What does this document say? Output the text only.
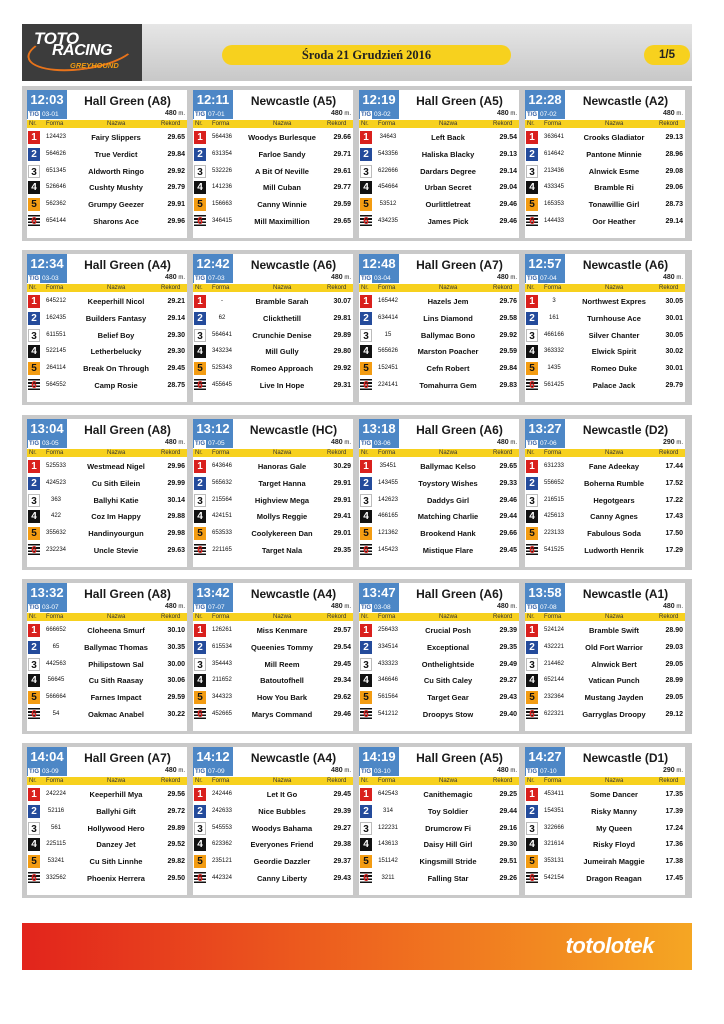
TOTO
RACING
GREYHOUND
Środa 21 Grudzień 2016	1/5
12:03
T/G 03-01
Hall Green (A8)
480 m.
Nr. Forma	Nazwa	Rekord
1	124423	Fairy Slippers	29.65
2	564626	True Verdict	29.84
3	651345	Aldworth Ringo	29.92
4	526646	Cushty Mushty	29.79
5	562362	Grumpy Geezer	29.91
6	654144	Sharons Ace	29.96
12:11
T/G 07-01
Newcastle (A5)
480 m.
Nr. Forma	Nazwa	Rekord
1	564436	Woodys Burlesque	29.66
2	631354	Farloe Sandy	29.71
3	532226	A Bit Of Neville	29.61
4	141236	Mill Cuban	29.77
5	156663	Canny Winnie	29.59
6	346415	Mill Maximillion	29.65
12:19
T/G 03-02
Hall Green (A5)
480 m.
Nr. Forma	Nazwa	Rekord
1	34643	Left Back	29.54
2	543356	Haliska Blacky	29.13
3	622666	Dardars Degree	29.14
4	454664	Urban Secret	29.04
5	53512	Ourlittletreat	29.46
6	434235	James Pick	29.46
12:28
T/G 07-02
Newcastle (A2)
480 m.
Nr. Forma	Nazwa	Rekord
1	363641	Crooks Gladiator	29.13
2	614642	Pantone Minnie	28.96
3	213436	Alnwick Esme	29.08
4	433345	Bramble Ri	29.06
5	165353	Tonawillie Girl	28.73
6	144433	Oor Heather	29.14
12:34
T/G 03-03
Hall Green (A4)
480 m.
Nr. Forma	Nazwa	Rekord
1	645212	Keeperhill Nicol	29.21
2	162435	Builders Fantasy	29.14
3	611551	Belief Boy	29.30
4	522145	Letherbelucky	29.30
5	264114	Break On Through	29.45
6	564552	Camp Rosie	28.75
12:42
T/G 07-03
Newcastle (A6)
480 m.
Nr. Forma	Nazwa	Rekord
1	-	Bramble Sarah	30.07
2	62	Clickthetill	29.81
3	564641	Crunchie Denise	29.89
4	343234	Mill Gully	29.80
5	525343	Romeo Approach	29.92
6	455645	Live In Hope	29.31
12:48
T/G 03-04
Hall Green (A7)
480 m.
Nr. Forma	Nazwa	Rekord
1	165442	Hazels Jem	29.76
2	634414	Lins Diamond	29.58
3	15	Ballymac Bono	29.92
4	565626	Marston Poacher	29.59
5	152451	Cefn Robert	29.84
6	224141	Tomahurra Gem	29.83
12:57
T/G 07-04
Newcastle (A6)
480 m.
Nr. Forma	Nazwa	Rekord
1	3	Northwest Expres	30.05
2	161	Turnhouse Ace	30.01
3	466166	Silver Chanter	30.05
4	363332	Elwick Spirit	30.02
5	1435	Romeo Duke	30.01
6	561425	Palace Jack	29.79
13:04
T/G 03-05
Hall Green (A8)
480 m.
Nr. Forma	Nazwa	Rekord
1	525533	Westmead Nigel	29.96
2	424523	Cu Sith Eilein	29.99
3	363	Ballyhi Katie	30.14
4	422	Coz Im Happy	29.88
5	355632	Handinyourgun	29.98
6	232234	Uncle Stevie	29.63
13:12
T/G 07-05
Newcastle (HC)
480 m.
Nr. Forma	Nazwa	Rekord
1	643646	Hanoras Gale	30.29
2	565632	Target Hanna	29.91
3	215564	Highview Mega	29.91
4	424151	Mollys Reggie	29.41
5	653533	Coolykereen Dan	29.01
6	221165	Target Nala	29.35
13:18
T/G 03-06
Hall Green (A6)
480 m.
Nr. Forma	Nazwa	Rekord
1	35451	Ballymac Kelso	29.65
2	143455	Toystory Wishes	29.33
3	142623	Daddys Girl	29.46
4	466165	Matching Charlie	29.44
5	121362	Brookend Hank	29.66
6	145423	Mistique Flare	29.45
13:27
T/G 07-06
Newcastle (D2)
290 m.
Nr. Forma	Nazwa	Rekord
1	631233	Fane Adeekay	17.44
2	556652	Boherna Rumble	17.52
3	216515	Hegotgears	17.22
4	425613	Canny Agnes	17.43
5	223133	Fabulous Soda	17.50
6	541525	Ludworth Henrik	17.29
13:32
T/G 03-07
Hall Green (A8)
480 m.
Nr. Forma	Nazwa	Rekord
1	666652	Cloheena Smurf	30.10
2	65	Ballymac Thomas	30.35
3	442563	Philipstown Sal	30.00
4	56645	Cu Sith Raasay	30.06
5	566664	Farnes Impact	29.59
6	54	Oakmac Anabel	30.22
13:42
T/G 07-07
Newcastle (A4)
480 m.
Nr. Forma	Nazwa	Rekord
1	126261	Miss Kenmare	29.57
2	615534	Queenies Tommy	29.54
3	354443	Mill Reem	29.45
4	211652	Batoutofhell	29.34
5	344323	How You Bark	29.62
6	452665	Marys Command	29.46
13:47
T/G 03-08
Hall Green (A6)
480 m.
Nr. Forma	Nazwa	Rekord
1	256433	Crucial Posh	29.39
2	334514	Exceptional	29.35
3	433323	Onthelightside	29.49
4	346646	Cu Sith Caley	29.27
5	561564	Target Gear	29.43
6	541212	Droopys Stow	29.40
13:58
T/G 07-08
Newcastle (A1)
480 m.
Nr. Forma	Nazwa	Rekord
1	524124	Bramble Swift	28.90
2	432221	Old Fort Warrior	29.03
3	214462	Alnwick Bert	29.05
4	652144	Vatican Punch	28.99
5	232364	Mustang Jayden	29.05
6	622321	Garryglas Droopy	29.12
14:04
T/G 03-09
Hall Green (A7)
480 m.
Nr. Forma	Nazwa	Rekord
1	242224	Keeperhill Mya	29.56
2	52116	Ballyhi Gift	29.72
3	561	Hollywood Hero	29.89
4	225115	Danzey Jet	29.52
5	53241	Cu Sith Linnhe	29.82
6	332562	Phoenix Herrera	29.50
14:12
T/G 07-09
Newcastle (A4)
480 m.
Nr. Forma	Nazwa	Rekord
1	242446	Let It Go	29.45
2	242633	Nice Bubbles	29.39
3	545553	Woodys Bahama	29.27
4	623362	Everyones Friend	29.38
5	235121	Geordie Dazzler	29.37
6	442324	Canny Liberty	29.43
14:19
T/G 03-10
Hall Green (A5)
480 m.
Nr. Forma	Nazwa	Rekord
1	642543	Canithemagic	29.25
2	314	Toy Soldier	29.44
3	122231	Drumcrow Fi	29.16
4	143613	Daisy Hill Girl	29.30
5	151142	Kingsmill Stride	29.51
6	3211	Falling Star	29.26
14:27
T/G 07-10
Newcastle (D1)
290 m.
Nr. Forma	Nazwa	Rekord
1	453411	Some Dancer	17.35
2	154351	Risky Manny	17.39
3	322666	My Queen	17.24
4	321614	Risky Floyd	17.36
5	353131	Jumeirah Maggie	17.38
6	542154	Dragon Reagan	17.45
totolotek
